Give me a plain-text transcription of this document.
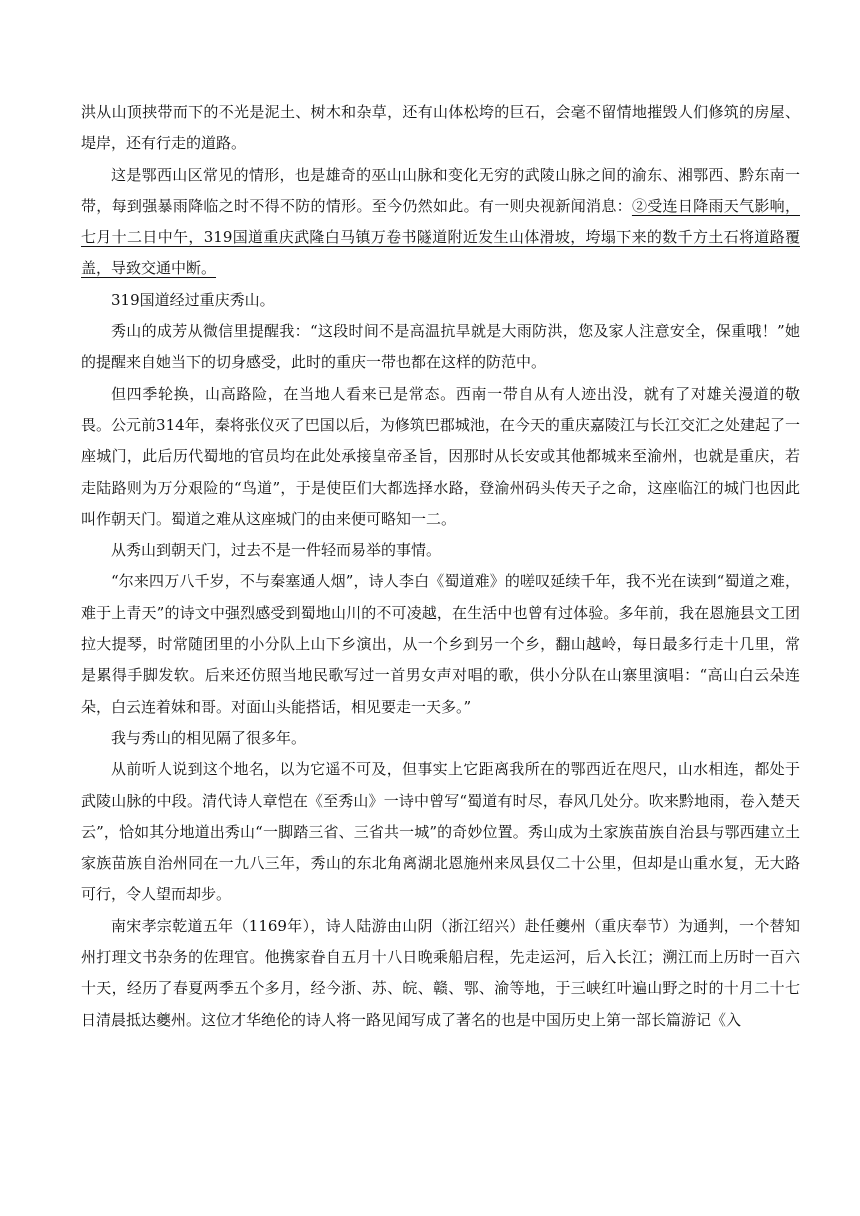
洪从山顶挟带而下的不光是泥土、树木和杂草，还有山体松垮的巨石，会毫不留情地摧毁人们修筑的房屋、堤岸，还有行走的道路。

这是鄂西山区常见的情形，也是雄奇的巫山山脉和变化无穷的武陵山脉之间的渝东、湘鄂西、黔东南一带，每到强暴雨降临之时不得不防的情形。至今仍然如此。有一则央视新闻消息：②受连日降雨天气影响，七月十二日中午，319国道重庆武隆白马镇万卷书隧道附近发生山体滑坡，垮塌下来的数千方土石将道路覆盖，导致交通中断。

319国道经过重庆秀山。

秀山的成芳从微信里提醒我：“这段时间不是高温抗旱就是大雨防洪，您及家人注意安全，保重哦！”她的提醒来自她当下的切身感受，此时的重庆一带也都在这样的防范中。

但四季轮换，山高路险，在当地人看来已是常态。西南一带自从有人迹出没，就有了对雄关漫道的敬畏。公元前314年，秦将张仪灭了巴国以后，为修筑巴郡城池，在今天的重庆嘉陵江与长江交汇之处建起了一座城门，此后历代蜀地的官员均在此处承接皇帝圣旨，因那时从长安或其他都城来至渝州，也就是重庆，若走陆路则为万分艰险的“鸟道”，于是使臣们大都选择水路，登渝州码头传天子之命，这座临江的城门也因此叫作朝天门。蜀道之难从这座城门的由来便可略知一二。

从秀山到朝天门，过去不是一件轻而易举的事情。

“尔来四万八千岁，不与秦塞通人烟”，诗人李白《蜀道难》的嗟叹延续千年，我不光在读到“蜀道之难，难于上青天”的诗文中强烈感受到蜀地山川的不可凌越，在生活中也曾有过体验。多年前，我在恩施县文工团拉大提琴，时常随团里的小分队上山下乡演出，从一个乡到另一个乡，翻山越岭，每日最多行走十几里，常是累得手脚发软。后来还仿照当地民歌写过一首男女声对唱的歌，供小分队在山寨里演唱：“高山白云朵连朵，白云连着妹和哥。对面山头能搭话，相见要走一天多。”

我与秀山的相见隔了很多年。

从前听人说到这个地名，以为它遥不可及，但事实上它距离我所在的鄂西近在咫尺，山水相连，都处于武陵山脉的中段。清代诗人章恺在《至秀山》一诗中曾写“蜀道有时尽，春风几处分。吹来黔地雨，卷入楚天云”，恰如其分地道出秀山“一脚踏三省、三省共一城”的奇妙位置。秀山成为土家族苗族自治县与鄂西建立土家族苗族自治州同在一九八三年，秀山的东北角离湖北恩施州来凤县仅二十公里，但却是山重水复，无大路可行，令人望而却步。

南宋孝宗乾道五年（1169年），诗人陆游由山阴（浙江绍兴）赴任夔州（重庆奉节）为通判，一个替知州打理文书杂务的佐理官。他携家眷自五月十八日晚乘船启程，先走运河，后入长江；溯江而上历时一百六十天，经历了春夏两季五个多月，经今浙、苏、皖、赣、鄂、渝等地，于三峡红叶遍山野之时的十月二十七日清晨抵达夔州。这位才华绝伦的诗人将一路见闻写成了著名的也是中国历史上第一部长篇游记《入
